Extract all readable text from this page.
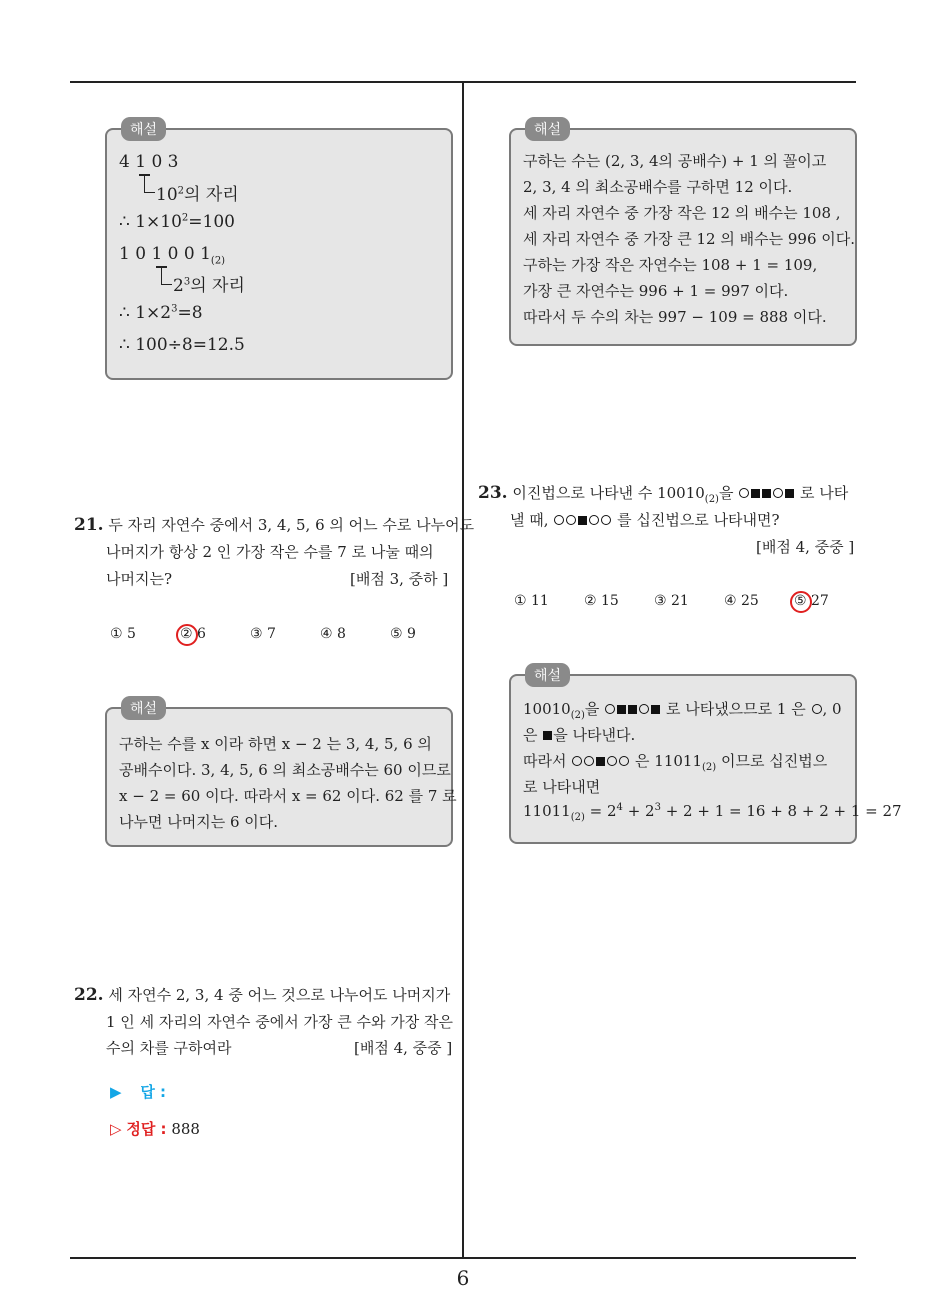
6
해설
4 1 0 3
$10^2$의 자리
∴ $1\times 10^2=100$
1 0 1 0 0 $1_{(2)}$
$2^3$의 자리
∴ $1\times 2^3=8$
∴ 100÷8=12.5
21. 두 자리 자연수 중에서 3, 4, 5, 6 의 어느 수로 나누어도
나머지가 항상 2 인 가장 작은 수를 7 로 나눌 때의
나머지는?	[배점 3, 중하 ]
① 5	② 6	③ 7	④ 8	⑤ 9
해설
구하는 수를 x 이라 하면 x − 2 는 3, 4, 5, 6 의
공배수이다. 3, 4, 5, 6 의 최소공배수는 60 이므로
x − 2 = 60 이다. 따라서 x = 62 이다. 62 를 7 로
나누면 나머지는 6 이다.
22. 세 자연수 2, 3, 4 중 어느 것으로 나누어도 나머지가
1 인 세 자리의 자연수 중에서 가장 큰 수와 가장 작은
수의 차를 구하여라	[배점 4, 중중 ]
▶ 답 :
▷ 정답 : 888
해설
구하는 수는 (2, 3, 4의 공배수) + 1 의 꼴이고
2, 3, 4 의 최소공배수를 구하면 12 이다.
세 자리 자연수 중 가장 작은 12 의 배수는 108 ,
세 자리 자연수 중 가장 큰 12 의 배수는 996 이다.
구하는 가장 작은 자연수는 108 + 1 = 109,
가장 큰 자연수는 996 + 1 = 997 이다.
따라서 두 수의 차는 997 − 109 = 888 이다.
23. 이진법으로 나타낸 수 $10010_{(2)}$을	로 나타
낼 때,	를 십진법으로 나타내면?
[배점 4, 중중 ]
① 11	② 15	③ 21	④ 25	⑤ 27
해설
$10010_{(2)}$을	로 나타냈으므로 1 은 , 0
은 을 나타낸다.
따라서	은 $11011_{(2)}$ 이므로 십진법으
로 나타내면
$11011_{(2)} = 2^4 + 2^3 + 2 + 1 = 16 + 8 + 2 + 1 = 27$
